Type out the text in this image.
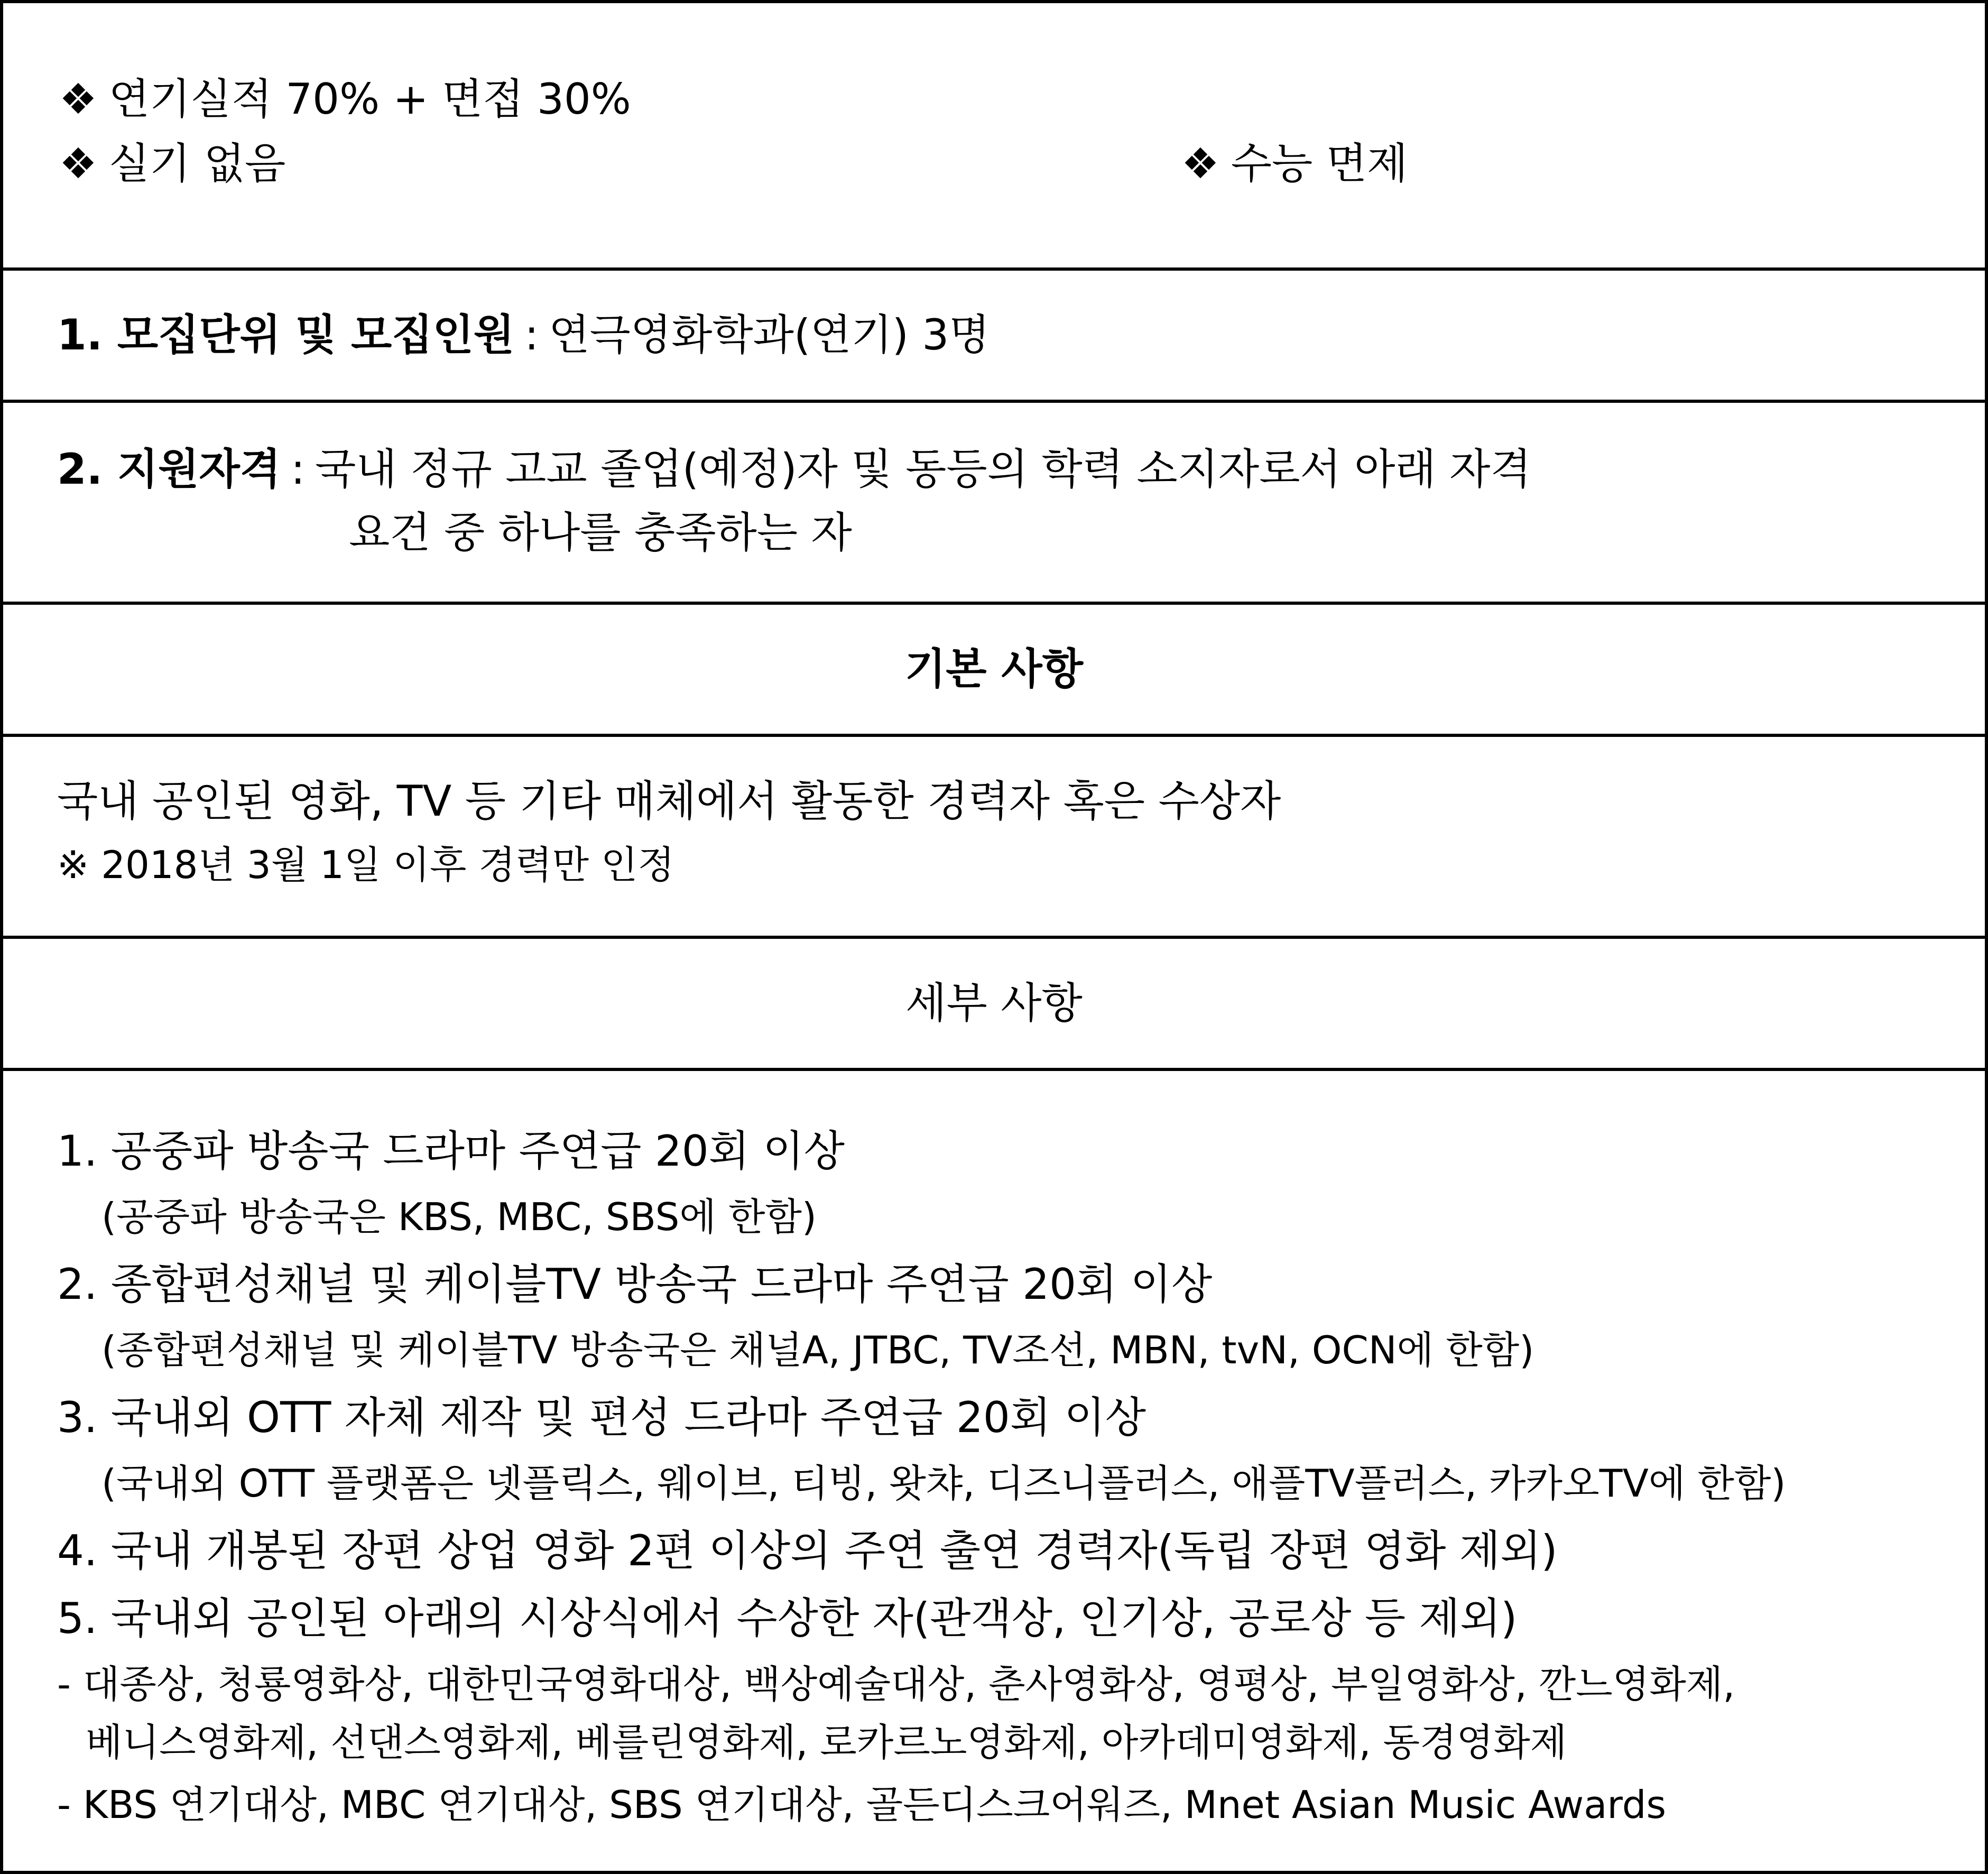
❖ 연기실적 70% + 면접 30%
❖ 실기 없음	❖ 수능 면제
1. 모집단위 및 모집인원 : 연극영화학과(연기) 3명
2. 지원자격 : 국내 정규 고교 졸업(예정)자 및 동등의 학력 소지자로서 아래 자격
요건 중 하나를 충족하는 자
기본 사항
국내 공인된 영화, TV 등 기타 매체에서 활동한 경력자 혹은 수상자
※ 2018년 3월 1일 이후 경력만 인정
세부 사항
1. 공중파 방송국 드라마 주연급 20회 이상
(공중파 방송국은 KBS, MBC, SBS에 한함)
2. 종합편성채널 및 케이블TV 방송국 드라마 주연급 20회 이상
(종합편성채널 및 케이블TV 방송국은 채널A, JTBC, TV조선, MBN, tvN, OCN에 한함)
3. 국내외 OTT 자체 제작 및 편성 드라마 주연급 20회 이상
(국내외 OTT 플랫폼은 넷플릭스, 웨이브, 티빙, 왓챠, 디즈니플러스, 애플TV플러스, 카카오TV에 한함)
4. 국내 개봉된 장편 상업 영화 2편 이상의 주연 출연 경력자(독립 장편 영화 제외)
5. 국내외 공인된 아래의 시상식에서 수상한 자(관객상, 인기상, 공로상 등 제외)
- 대종상, 청룡영화상, 대한민국영화대상, 백상예술대상, 춘사영화상, 영평상, 부일영화상, 깐느영화제,
베니스영화제, 선댄스영화제, 베를린영화제, 로카르노영화제, 아카데미영화제, 동경영화제
- KBS 연기대상, MBC 연기대상, SBS 연기대상, 골든디스크어워즈, Mnet Asian Music Awards
